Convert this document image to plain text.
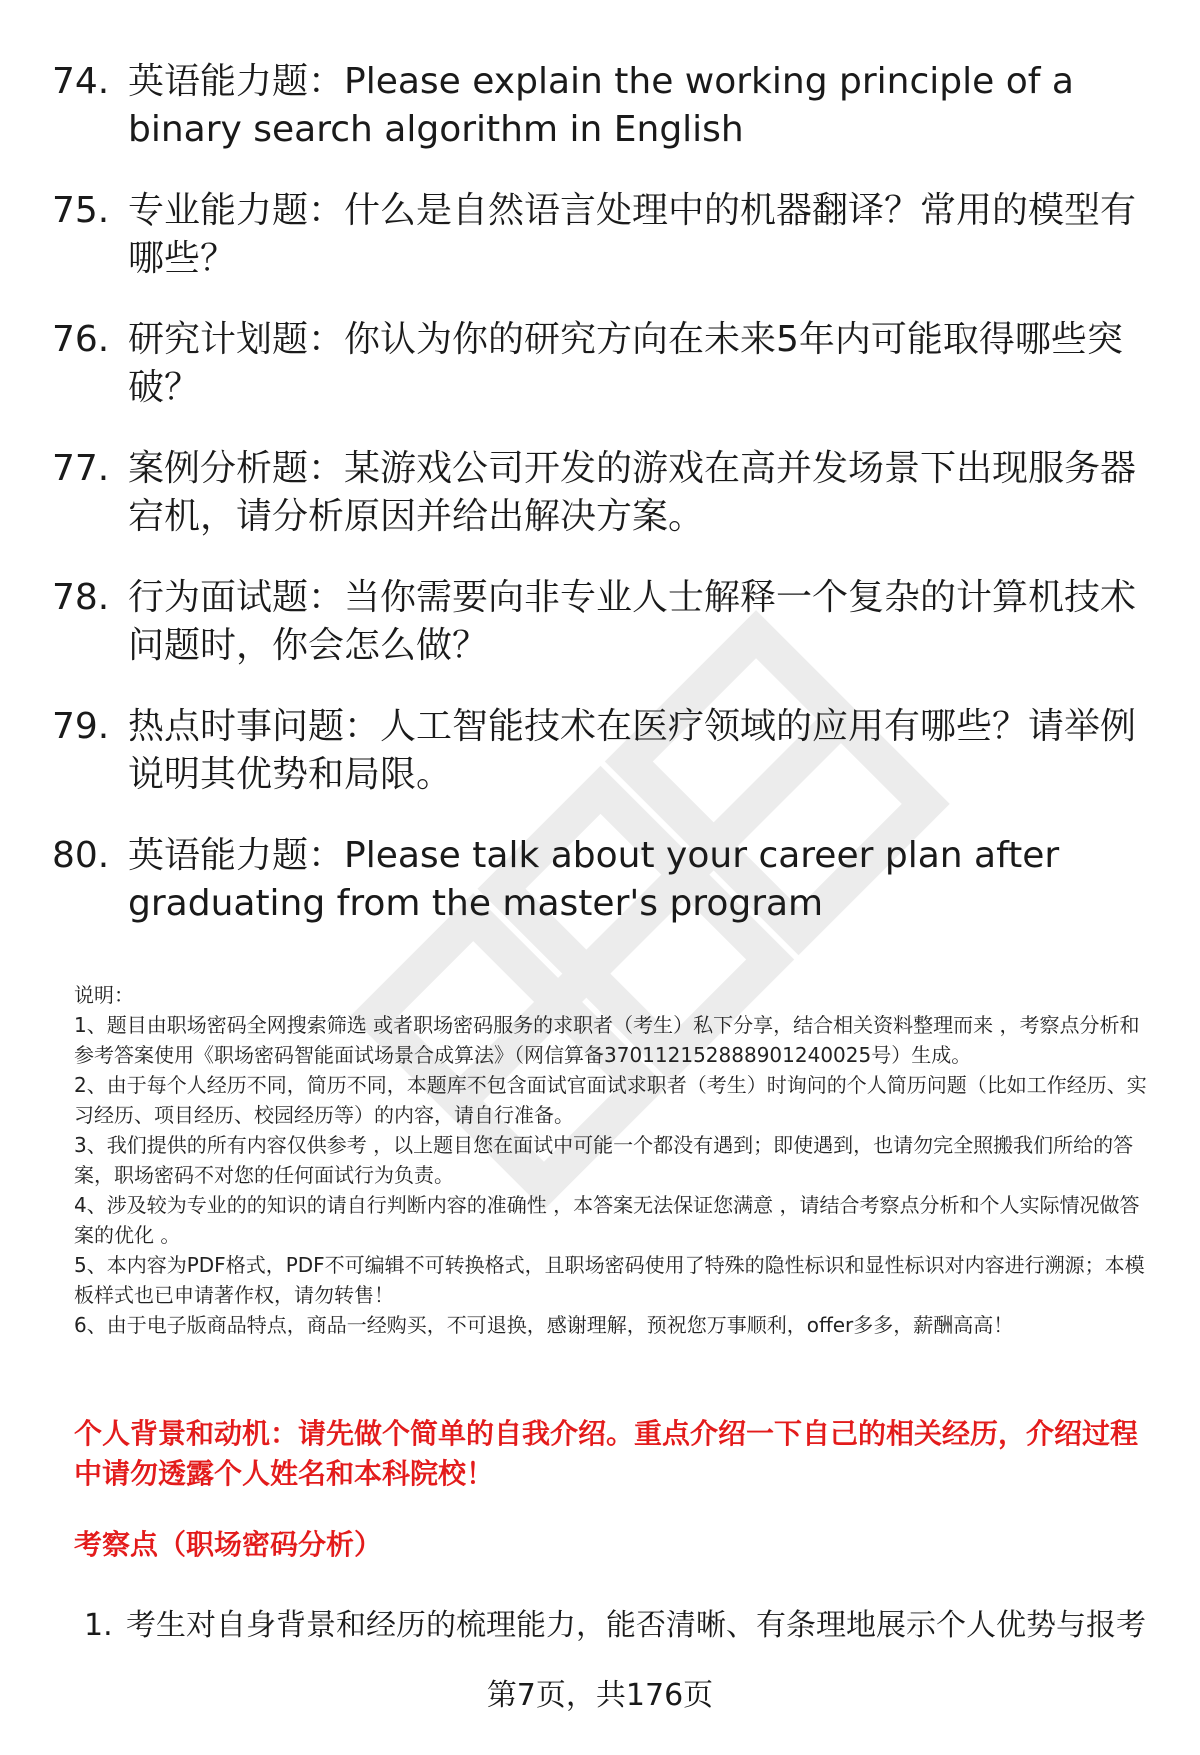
74. 英语能力题：Please explain the working principle of a binary search algorithm in English
75. 专业能力题：什么是自然语言处理中的机器翻译？常用的模型有哪些？
76. 研究计划题：你认为你的研究方向在未来5年内可能取得哪些突破？
77. 案例分析题：某游戏公司开发的游戏在高并发场景下出现服务器宕机，请分析原因并给出解决方案。
78. 行为面试题：当你需要向非专业人士解释一个复杂的计算机技术问题时，你会怎么做？
79. 热点时事问题：人工智能技术在医疗领域的应用有哪些？请举例说明其优势和局限。
80. 英语能力题：Please talk about your career plan after graduating from the master's program

说明：

1、题目由职场密码全网搜索筛选 或者职场密码服务的求职者（考生）私下分享，结合相关资料整理而来 ，考察点分析和参考答案使用《职场密码智能面试场景合成算法》（网信算备370112152888901240025号）生成。

2、由于每个人经历不同，简历不同，本题库不包含面试官面试求职者（考生）时询问的个人简历问题（比如工作经历、实习经历、项目经历、校园经历等）的内容，请自行准备。

3、我们提供的所有内容仅供参考 ，以上题目您在面试中可能一个都没有遇到；即使遇到，也请勿完全照搬我们所给的答案，职场密码不对您的任何面试行为负责。

4、涉及较为专业的的知识的请自行判断内容的准确性 ，本答案无法保证您满意 ，请结合考察点分析和个人实际情况做答案的优化 。

5、本内容为PDF格式，PDF不可编辑不可转换格式，且职场密码使用了特殊的隐性标识和显性标识对内容进行溯源；本模板样式也已申请著作权，请勿转售！

6、由于电子版商品特点，商品一经购买，不可退换，感谢理解，预祝您万事顺利，offer多多，薪酬高高！

个人背景和动机：请先做个简单的自我介绍。重点介绍一下自己的相关经历，介绍过程中请勿透露个人姓名和本科院校！
考察点（职场密码分析）
1. 考生对自身背景和经历的梳理能力，能否清晰、有条理地展示个人优势与报考
第7页，共176页
